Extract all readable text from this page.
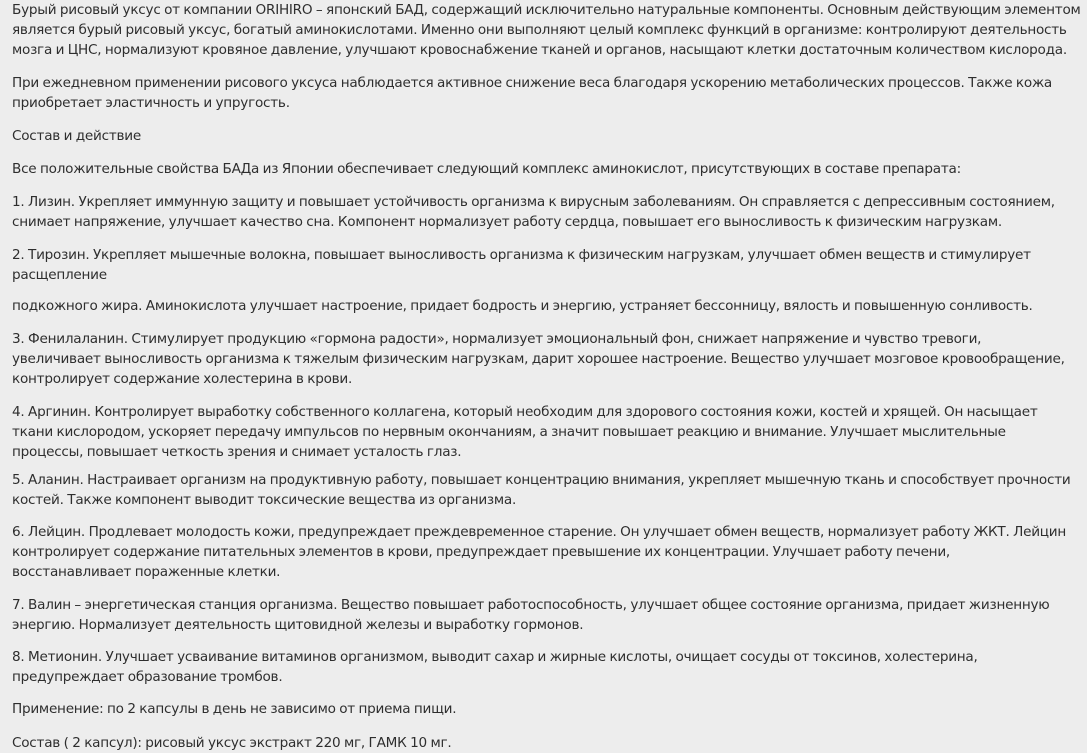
Бурый рисовый уксус от компании ORIHIRO – японский БАД, содержащий исключительно натуральные компоненты. Основным действующим элементом является бурый рисовый уксус, богатый аминокислотами. Именно они выполняют целый комплекс функций в организме: контролируют деятельность мозга и ЦНС, нормализуют кровяное давление, улучшают кровоснабжение тканей и органов, насыщают клетки достаточным количеством кислорода.

При ежедневном применении рисового уксуса наблюдается активное снижение веса благодаря ускорению метаболических процессов. Также кожа приобретает эластичность и упругость.

Состав и действие

Все положительные свойства БАДа из Японии обеспечивает следующий комплекс аминокислот, присутствующих в составе препарата:

1. Лизин. Укрепляет иммунную защиту и повышает устойчивость организма к вирусным заболеваниям. Он справляется с депрессивным состоянием, снимает напряжение, улучшает качество сна. Компонент нормализует работу сердца, повышает его выносливость к физическим нагрузкам.

2. Тирозин. Укрепляет мышечные волокна, повышает выносливость организма к физическим нагрузкам, улучшает обмен веществ и стимулирует расщепление

подкожного жира. Аминокислота улучшает настроение, придает бодрость и энергию, устраняет бессонницу, вялость и повышенную сонливость.

3. Фенилаланин. Стимулирует продукцию «гормона радости», нормализует эмоциональный фон, снижает напряжение и чувство тревоги, увеличивает выносливость организма к тяжелым физическим нагрузкам, дарит хорошее настроение. Вещество улучшает мозговое кровообращение, контролирует содержание холестерина в крови.

4. Аргинин. Контролирует выработку собственного коллагена, который необходим для здорового состояния кожи, костей и хрящей. Он насыщает ткани кислородом, ускоряет передачу импульсов по нервным окончаниям, а значит повышает реакцию и внимание. Улучшает мыслительные процессы, повышает четкость зрения и снимает усталость глаз.

5. Аланин. Настраивает организм на продуктивную работу, повышает концентрацию внимания, укрепляет мышечную ткань и способствует прочности костей. Также компонент выводит токсические вещества из организма.

6. Лейцин. Продлевает молодость кожи, предупреждает преждевременное старение. Он улучшает обмен веществ, нормализует работу ЖКТ. Лейцин контролирует содержание питательных элементов в крови, предупреждает превышение их концентрации. Улучшает работу печени, восстанавливает пораженные клетки.

7. Валин – энергетическая станция организма. Вещество повышает работоспособность, улучшает общее состояние организма, придает жизненную энергию. Нормализует деятельность щитовидной железы и выработку гормонов.

8. Метионин. Улучшает усваивание витаминов организмом, выводит сахар и жирные кислоты, очищает сосуды от токсинов, холестерина, предупреждает образование тромбов.

Применение: по 2 капсулы в день не зависимо от приема пищи.

Состав ( 2 капсул): рисовый уксус экстракт 220 мг, ГАМК 10 мг.
